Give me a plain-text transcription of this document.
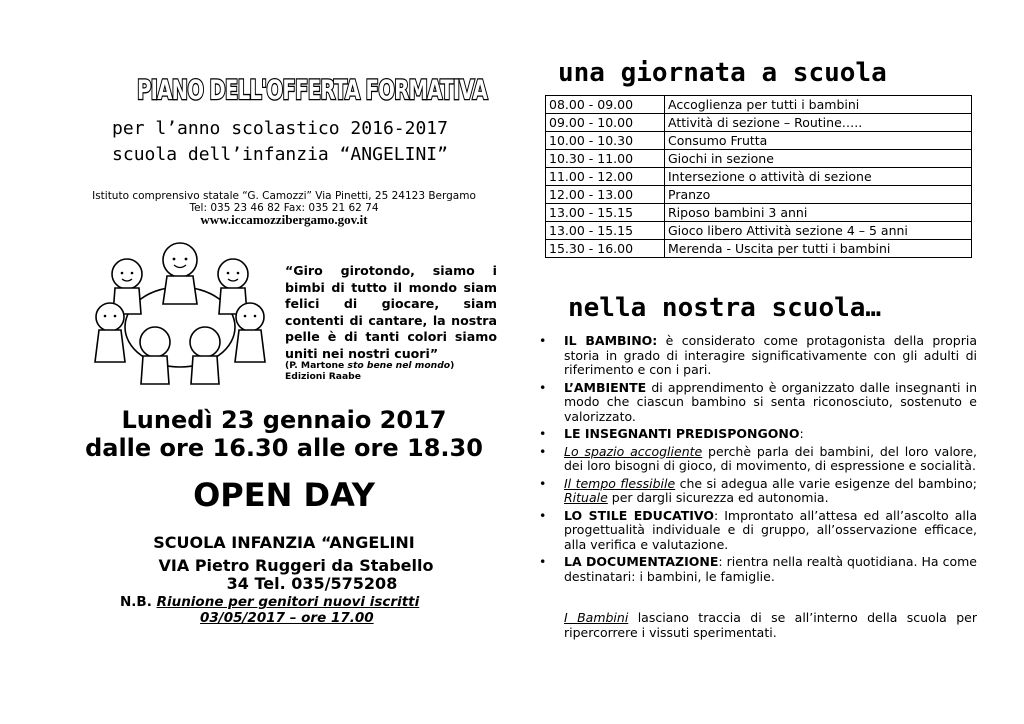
PIANO DELL'OFFERTA FORMATIVA
per l’anno scolastico 2016-2017
scuola dell’infanzia “ANGELINI”
Istituto comprensivo statale “G. Camozzi” Via Pinetti, 25 24123 Bergamo
Tel: 035 23 46 82 Fax: 035 21 62 74
www.iccamozzibergamo.gov.it
“Giro girotondo, siamo i bimbi di tutto il mondo siam felici di giocare, siam contenti di cantare, la nostra pelle è di tanti colori siamo uniti nei nostri cuori”
(P. Martone sto bene nel mondo) Edizioni Raabe
Lunedì 23 gennaio 2017
dalle ore 16.30 alle ore 18.30
OPEN DAY
SCUOLA INFANZIA “ANGELINI
VIA Pietro Ruggeri da Stabello
34 Tel. 035/575208
N.B. Riunione per genitori nuovi iscritti
03/05/2017 – ore 17.00
una giornata a scuola
08.00 - 09.00	Accoglienza per tutti i bambini
09.00 - 10.00	Attività di sezione – Routine…..
10.00 - 10.30	Consumo Frutta
10.30 - 11.00	Giochi in sezione
11.00 - 12.00	Intersezione o attività di sezione
12.00 - 13.00	Pranzo
13.00 - 15.15	Riposo bambini 3 anni
13.00 - 15.15	Gioco libero Attività sezione 4 – 5 anni
15.30 - 16.00	Merenda - Uscita per tutti i bambini
nella nostra scuola…
• IL BAMBINO: è considerato come protagonista della propria storia in grado di interagire significativamente con gli adulti di riferimento e con i pari.
• L’AMBIENTE di apprendimento è organizzato dalle insegnanti in modo che ciascun bambino si senta riconosciuto, sostenuto e valorizzato.
• LE INSEGNANTI PREDISPONGONO:
• Lo spazio accogliente perchè parla dei bambini, del loro valore, dei loro bisogni di gioco, di movimento, di espressione e socialità.
• Il tempo flessibile che si adegua alle varie esigenze del bambino; Rituale per dargli sicurezza ed autonomia.
• LO STILE EDUCATIVO: Improntato all’attesa ed all’ascolto alla progettualità individuale e di gruppo, all’osservazione efficace, alla verifica e valutazione.
• LA DOCUMENTAZIONE: rientra nella realtà quotidiana. Ha come destinatari: i bambini, le famiglie.
I Bambini lasciano traccia di se all’interno della scuola per ripercorrere i vissuti sperimentati.
